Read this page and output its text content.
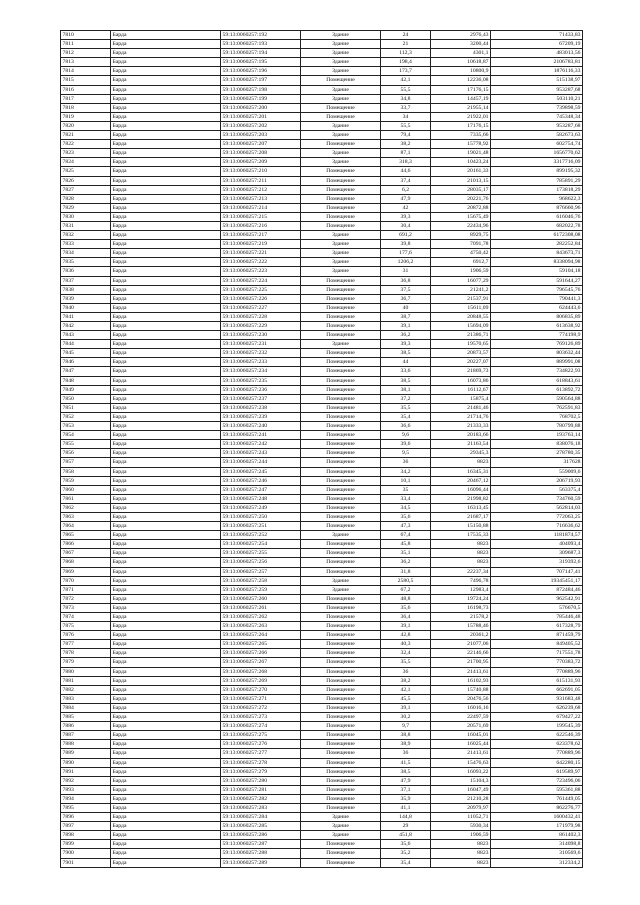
7810	Барда	59:13:0060257:192	Здание	24	2976,43	71433,83
7811	Барда	59:13:0060257:193	Здание	21	3200,44	67209,19
7812	Барда	59:13:0060257:194	Здание	112,3	4301,1	483013,56
7813	Барда	59:13:0060257:195	Здание	198,4	10618,87	2106783,81
7814	Барда	59:13:0060257:196	Здание	173,7	10800,9	1876116,33
7815	Барда	59:13:0060257:197	Помещение	42,1	12236,08	515138,97
7816	Барда	59:13:0060257:198	Здание	55,5	17176,15	953287,68
7817	Барда	59:13:0060257:199	Здание	34,8	14457,19	503110,21
7818	Барда	59:13:0060257:200	Помещение	33,7	21955,14	739898,59
7819	Барда	59:13:0060257:201	Помещение	34	21922,01	745348,34
7820	Барда	59:13:0060257:202	Здание	55,5	17176,15	953287,68
7821	Барда	59:13:0060257:203	Здание	79,4	7335,66	582673,63
7822	Барда	59:13:0060257:207	Помещение	38,2	15778,92	602754,74
7823	Барда	59:13:0060257:208	Здание	87,1	19021,48	1656770,62
7824	Барда	59:13:0060257:209	Здание	318,3	10423,24	3317716,09
7825	Барда	59:13:0060257:210	Помещение	44,6	20161,33	899195,32
7826	Барда	59:13:0060257:211	Помещение	37,4	21013,15	785891,29
7827	Барда	59:13:0060257:212	Помещение	6,2	28035,17	173818,29
7828	Барда	59:13:0060257:213	Помещение	47,9	20221,76	968622,3
7829	Барда	59:13:0060257:214	Помещение	42	20872,88	876660,96
7830	Барда	59:13:0060257:215	Помещение	39,3	15675,49	616046,76
7831	Барда	59:13:0060257:216	Помещение	30,4	22434,96	682022,78
7832	Барда	59:13:0060257:217	Здание	691,2	8929,75	6172308,08
7833	Барда	59:13:0060257:219	Здание	39,8	7091,78	282252,84
7834	Барда	59:13:0060257:221	Здание	177,6	4750,42	843673,71
7835	Барда	59:13:0060257:222	Здание	1206,2	6912,7	8338094,98
7836	Барда	59:13:0060257:223	Здание	31	1906,59	59104,18
7837	Барда	59:13:0060257:224	Помещение	36,8	16077,29	591644,27
7838	Барда	59:13:0060257:225	Помещение	37,5	21241,2	796545,76
7839	Барда	59:13:0060257:226	Помещение	36,7	21537,91	790441,3
7840	Барда	59:13:0060257:227	Помещение	40	15611,09	624443,6
7841	Барда	59:13:0060257:228	Помещение	38,7	20848,55	806835,89
7842	Барда	59:13:0060257:229	Помещение	39,1	15694,09	613638,92
7843	Барда	59:13:0060257:230	Помещение	36,2	21386,71	774198,9
7844	Барда	59:13:0060257:231	Здание	39,3	19570,65	769126,89
7845	Барда	59:13:0060257:232	Помещение	38,5	20873,57	803632,44
7846	Барда	59:13:0060257:233	Помещение	44	20227,07	889991,08
7847	Барда	59:13:0060257:234	Помещение	33,6	21869,73	734822,93
7848	Барда	59:13:0060257:235	Помещение	38,5	16073,86	618843,61
7849	Барда	59:13:0060257:236	Помещение	38,1	16112,67	613892,72
7850	Барда	59:13:0060257:237	Помещение	37,2	15875,4	590564,88
7851	Барда	59:13:0060257:238	Помещение	35,5	21481,46	762591,83
7852	Барда	59:13:0060257:239	Помещение	35,4	21714,76	768702,5
7853	Барда	59:13:0060257:240	Помещение	36,6	21333,33	780799,88
7854	Барда	59:13:0060257:241	Помещение	9,6	20183,66	193763,14
7855	Барда	59:13:0060257:242	Помещение	39,6	21163,54	838076,18
7856	Барда	59:13:0060257:243	Помещение	9,5	29345,3	278780,35
7857	Барда	59:13:0060257:244	Помещение	36	8823	317628
7858	Барда	59:13:0060257:245	Помещение	34,2	16345,31	559009,6
7859	Барда	59:13:0060257:246	Помещение	10,1	20467,12	206719,93
7860	Барда	59:13:0060257:247	Помещение	35	16096,44	563375,4
7861	Барда	59:13:0060257:248	Помещение	33,4	21998,82	734760,59
7862	Барда	59:13:0060257:249	Помещение	34,5	16313,45	562814,03
7863	Барда	59:13:0060257:250	Помещение	35,6	21687,17	772063,25
7864	Барда	59:13:0060257:251	Помещение	47,3	15150,88	716636,62
7865	Барда	59:13:0060257:252	Здание	67,4	17535,33	1181874,57
7866	Барда	59:13:0060257:254	Помещение	45,8	8823	404093,4
7867	Барда	59:13:0060257:255	Помещение	35,1	8823	309687,3
7868	Барда	59:13:0060257:256	Помещение	36,2	8823	319392,6
7869	Барда	59:13:0060257:257	Помещение	31,8	22237,34	707147,41
7870	Барда	59:13:0060257:258	Здание	2580,5	7496,78	19345451,17
7871	Барда	59:13:0060257:259	Здание	67,2	12983,4	872484,46
7872	Барда	59:13:0060257:260	Помещение	48,8	19724,24	962542,91
7873	Барда	59:13:0060257:261	Помещение	35,6	16198,73	576670,5
7874	Барда	59:13:0060257:262	Помещение	36,4	21578,2	785446,48
7875	Барда	59:13:0060257:263	Помещение	39,1	15788,46	617328,79
7876	Барда	59:13:0060257:264	Помещение	42,8	20361,2	871459,79
7877	Барда	59:13:0060257:265	Помещение	40,3	21077,06	849405,52
7878	Барда	59:13:0060257:266	Помещение	32,4	22146,66	717551,78
7879	Барда	59:13:0060257:267	Помещение	35,5	21700,95	770383,72
7880	Барда	59:13:0060257:268	Помещение	36	21413,61	770889,96
7881	Барда	59:13:0060257:269	Помещение	38,2	16102,93	615131,93
7882	Барда	59:13:0060257:270	Помещение	42,1	15740,88	662691,05
7883	Барда	59:13:0060257:271	Помещение	45,5	20476,56	931683,48
7884	Барда	59:13:0060257:272	Помещение	39,1	16016,16	626239,68
7885	Барда	59:13:0060257:273	Помещение	30,2	22497,59	679427,22
7886	Барда	59:13:0060257:274	Помещение	9,7	20571,69	199545,39
7887	Барда	59:13:0060257:275	Помещение	38,8	16045,01	622546,39
7888	Барда	59:13:0060257:276	Помещение	38,9	16025,44	623378,62
7889	Барда	59:13:0060257:277	Помещение	36	21413,61	770889,96
7890	Барда	59:13:0060257:278	Помещение	41,5	15476,63	642280,15
7891	Барда	59:13:0060257:279	Помещение	38,5	16093,22	619589,97
7892	Барда	59:13:0060257:280	Помещение	47,9	15104,3	723496,06
7893	Барда	59:13:0060257:281	Помещение	37,1	16047,49	595361,88
7894	Барда	59:13:0060257:282	Помещение	35,9	21210,28	761449,05
7895	Барда	59:13:0060257:283	Помещение	41,1	20979,97	862276,77
7896	Барда	59:13:0060257:284	Здание	144,8	11052,71	1600432,41
7897	Барда	59:13:0060257:285	Здание	29	5930,34	171979,98
7898	Барда	59:13:0060257:286	Здание	451,8	1906,59	861402,3
7899	Барда	59:13:0060257:287	Помещение	35,6	8823	314098,8
7900	Барда	59:13:0060257:288	Помещение	35,2	8823	310569,6
7901	Барда	59:13:0060257:289	Помещение	35,4	8823	312334,2
